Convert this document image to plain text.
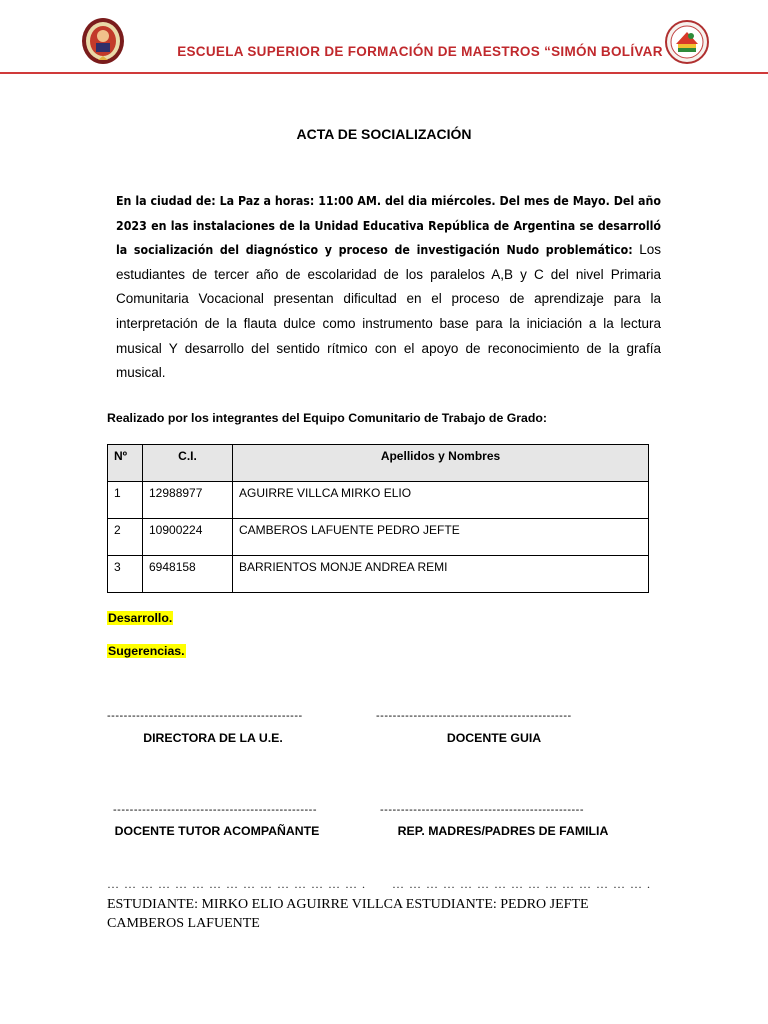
ESCUELA SUPERIOR DE FORMACIÓN DE MAESTROS “SIMÓN BOLÍVAR
ACTA DE SOCIALIZACIÓN
En la ciudad de: La Paz a horas: 11:00 AM. del dia miércoles. Del mes de Mayo. Del año 2023 en las instalaciones de la Unidad Educativa República de Argentina se desarrolló la socialización del diagnóstico y proceso de investigación Nudo problemático: Los estudiantes de tercer año de escolaridad de los paralelos A,B y C del nivel Primaria Comunitaria Vocacional presentan dificultad en el proceso de aprendizaje para la interpretación de la flauta dulce como instrumento base para la iniciación a la lectura musical Y desarrollo del sentido rítmico con el apoyo de reconocimiento de la grafía musical.
Realizado por los integrantes del Equipo Comunitario de Trabajo de Grado:
Nº	C.I.	Apellidos y Nombres
1	12988977	AGUIRRE VILLCA MIRKO ELIO
2	10900224	CAMBEROS LAFUENTE PEDRO JEFTE
3	6948158	BARRIENTOS MONJE ANDREA REMI
Desarrollo.
Sugerencias.
-----------------------------------------------	-----------------------------------------------
DIRECTORA DE LA U.E.	DOCENTE GUIA
-------------------------------------------------	-------------------------------------------------
DOCENTE TUTOR ACOMPAÑANTE	REP. MADRES/PADRES DE FAMILIA
… … … … … … … … … … … … … … … . … … … … … … … … … … … … … … … .
ESTUDIANTE: MIRKO ELIO AGUIRRE VILLCA ESTUDIANTE: PEDRO JEFTE CAMBEROS LAFUENTE
